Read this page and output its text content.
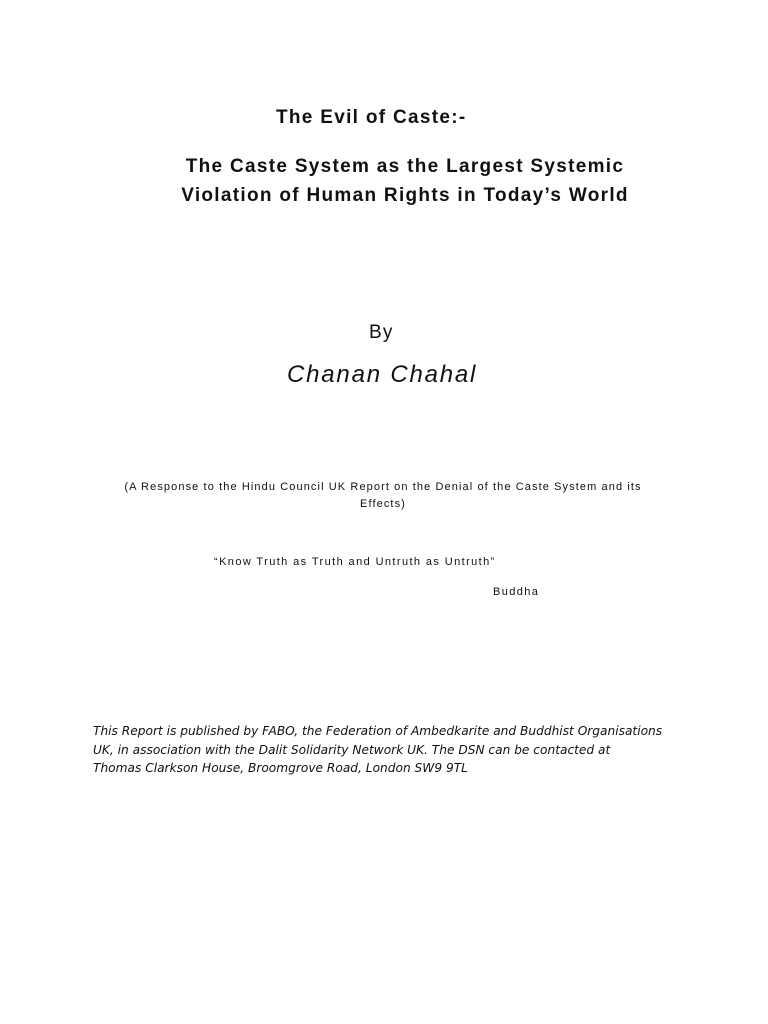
The Evil of Caste:-
The Caste System as the Largest Systemic
Violation of Human Rights in Today’s World
By
Chanan Chahal
(A Response to the Hindu Council UK Report on the Denial of the Caste System and its
Effects)
“Know Truth as Truth and Untruth as Untruth”
Buddha

This Report is published by FABO, the Federation of Ambedkarite and Buddhist Organisations
UK, in association with the Dalit Solidarity Network UK. The DSN can be contacted at
Thomas Clarkson House, Broomgrove Road, London SW9 9TL
